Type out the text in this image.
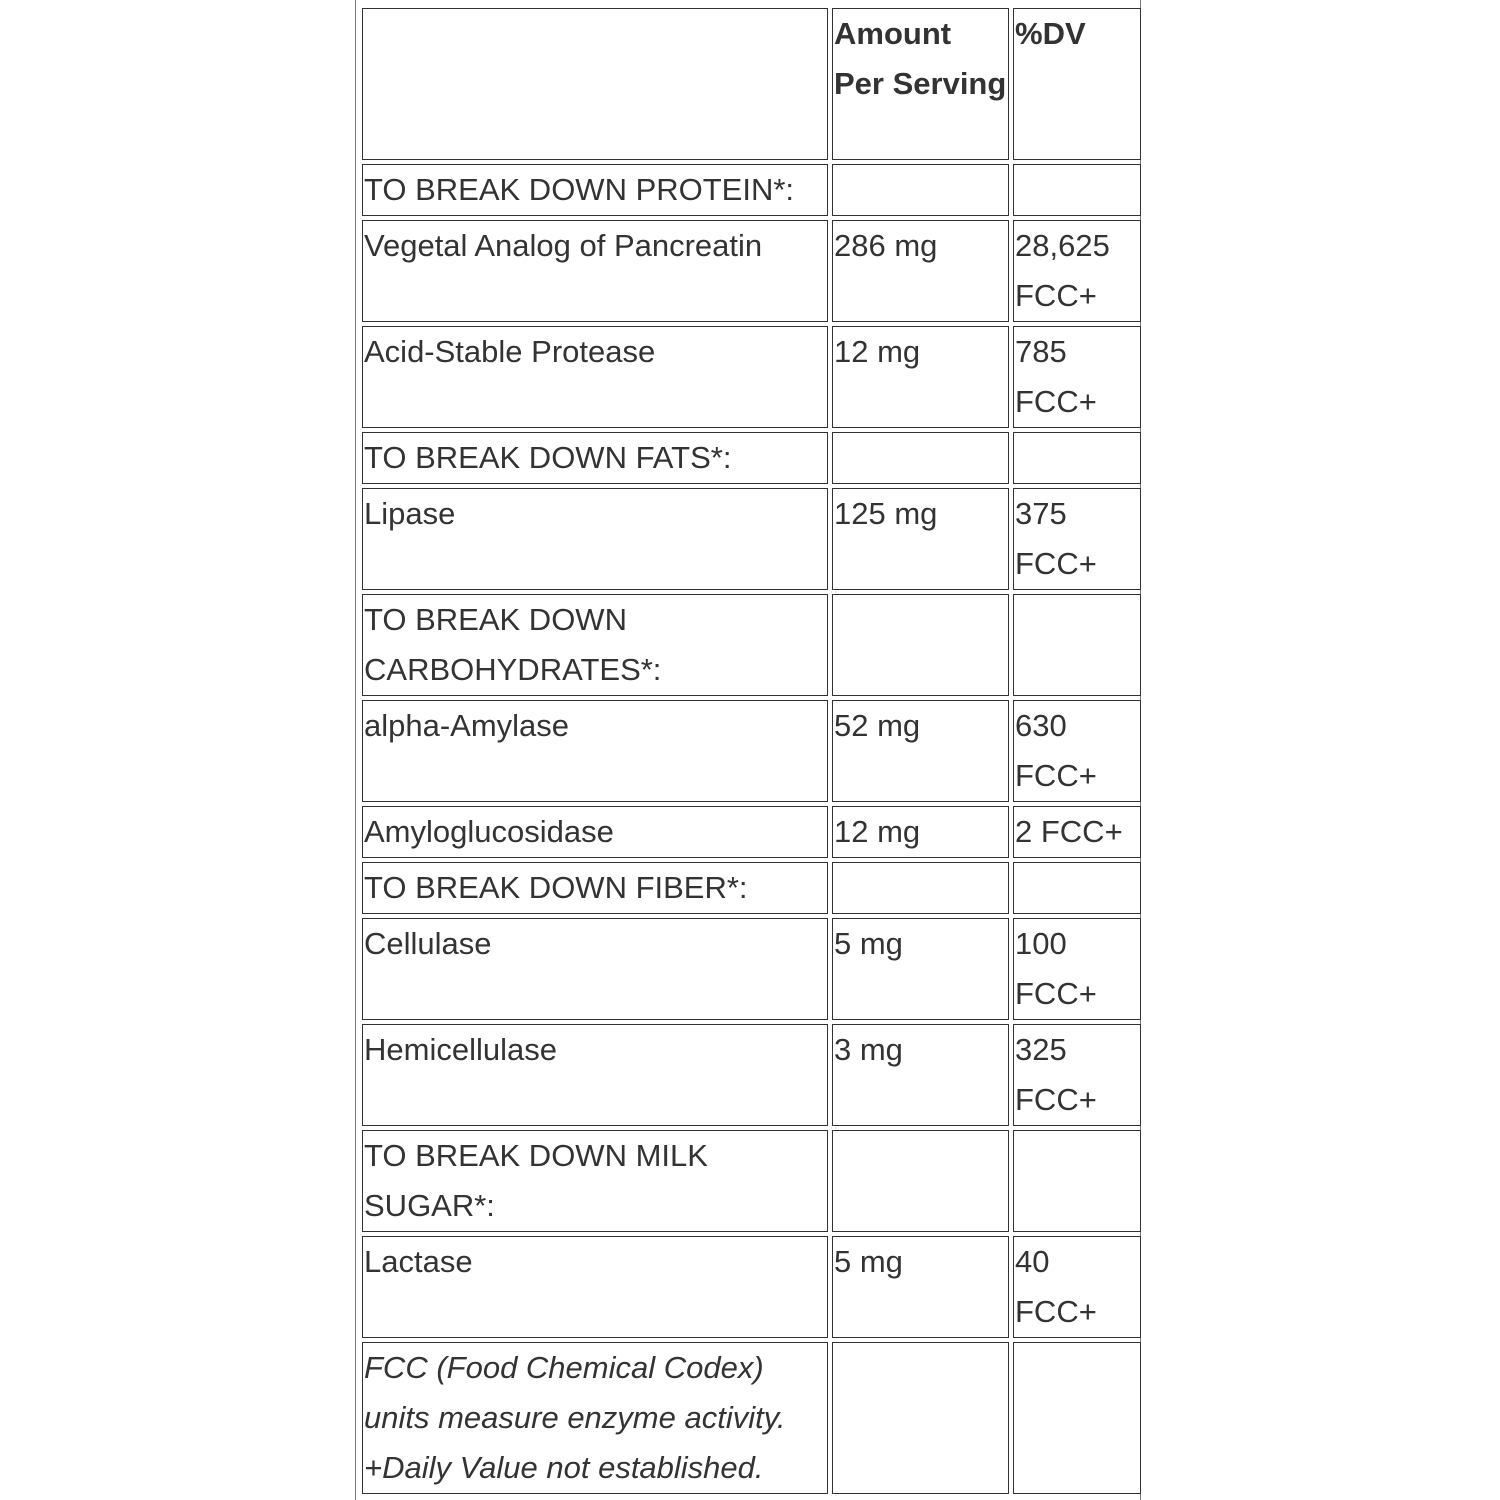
	Amount Per Serving	%DV
TO BREAK DOWN PROTEIN*:		
Vegetal Analog of Pancreatin	286 mg	28,625 FCC+
Acid-Stable Protease	12 mg	785 FCC+
TO BREAK DOWN FATS*:		
Lipase	125 mg	375 FCC+
TO BREAK DOWN CARBOHYDRATES*:		
alpha-Amylase	52 mg	630 FCC+
Amyloglucosidase	12 mg	2 FCC+
TO BREAK DOWN FIBER*:		
Cellulase	5 mg	100 FCC+
Hemicellulase	3 mg	325 FCC+
TO BREAK DOWN MILK SUGAR*:		
Lactase	5 mg	40 FCC+
FCC (Food Chemical Codex) units measure enzyme activity. +Daily Value not established.		
